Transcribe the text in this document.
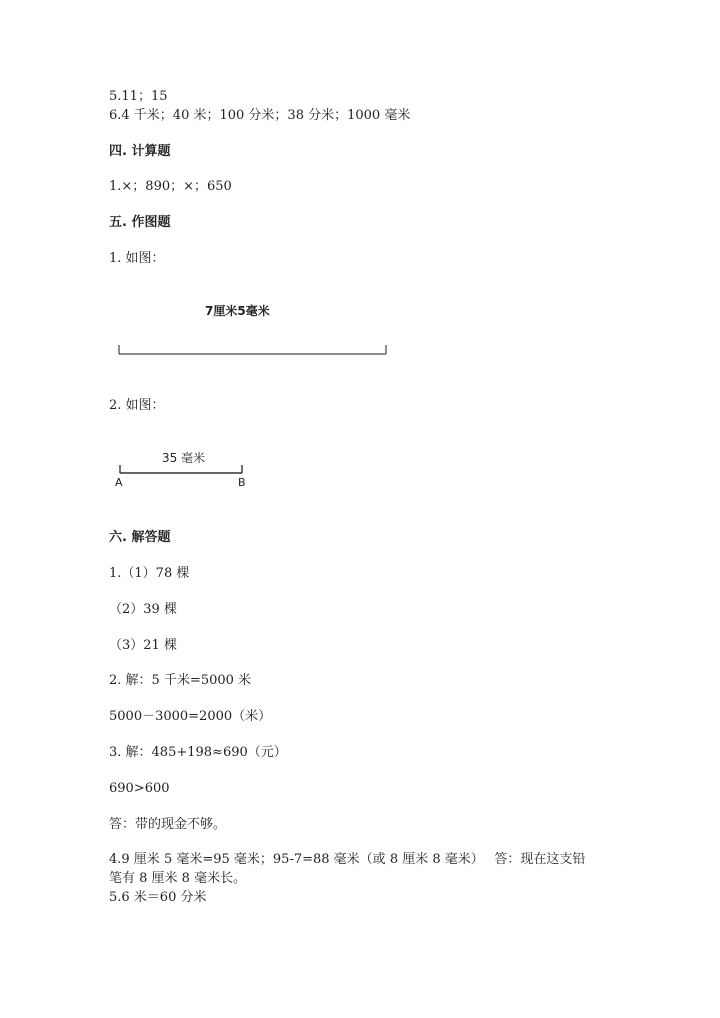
5.11；15
6.4 千米；40 米；100 分米；38 分米；1000 毫米
四. 计算题
1.×；890；×；650
五. 作图题
1. 如图：
7厘米5毫米
2. 如图：
35 毫米
A	B
六. 解答题
1.（1）78 棵
（2）39 棵
（3）21 棵
2. 解：5 千米=5000 米
5000－3000=2000（米）
3. 解：485+198≈690（元）
690>600
答：带的现金不够。
4.9 厘米 5 毫米=95 毫米；95-7=88 毫米（或 8 厘米 8 毫米）　 答：现在这支铅
笔有 8 厘米 8 毫米长。
5.6 米＝60 分米
